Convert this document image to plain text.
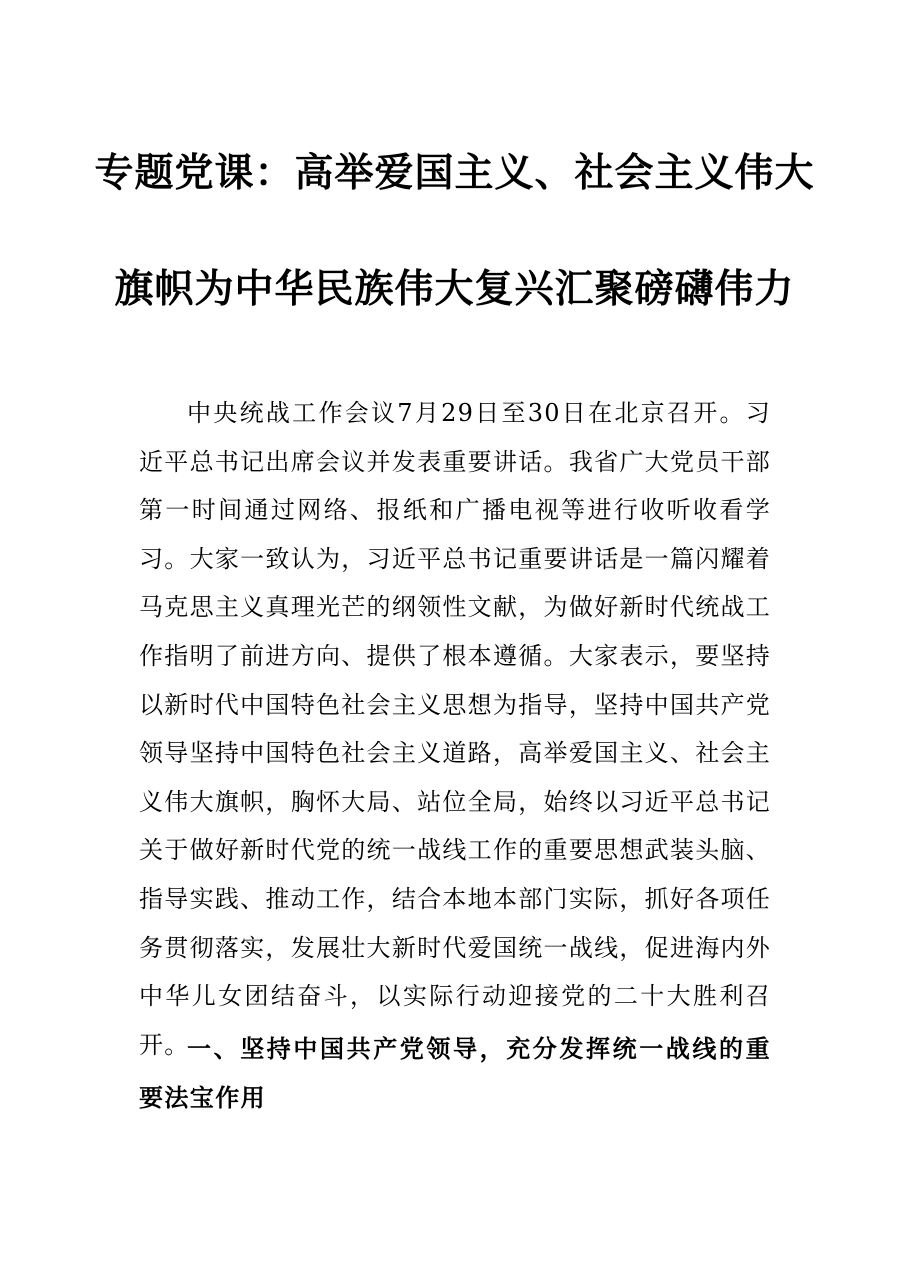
专题党课：高举爱国主义、社会主义伟大
旗帜为中华民族伟大复兴汇聚磅礴伟力

中央统战工作会议7月29日至30日在北京召开。习近平总书记出席会议并发表重要讲话。我省广大党员干部第一时间通过网络、报纸和广播电视等进行收听收看学习。大家一致认为，习近平总书记重要讲话是一篇闪耀着马克思主义真理光芒的纲领性文献，为做好新时代统战工作指明了前进方向、提供了根本遵循。大家表示，要坚持以新时代中国特色社会主义思想为指导，坚持中国共产党领导坚持中国特色社会主义道路，高举爱国主义、社会主义伟大旗帜，胸怀大局、站位全局，始终以习近平总书记关于做好新时代党的统一战线工作的重要思想武装头脑、指导实践、推动工作，结合本地本部门实际，抓好各项任务贯彻落实，发展壮大新时代爱国统一战线，促进海内外中华儿女团结奋斗，以实际行动迎接党的二十大胜利召开。

一、坚持中国共产党领导，充分发挥统一战线的重要法宝作用
